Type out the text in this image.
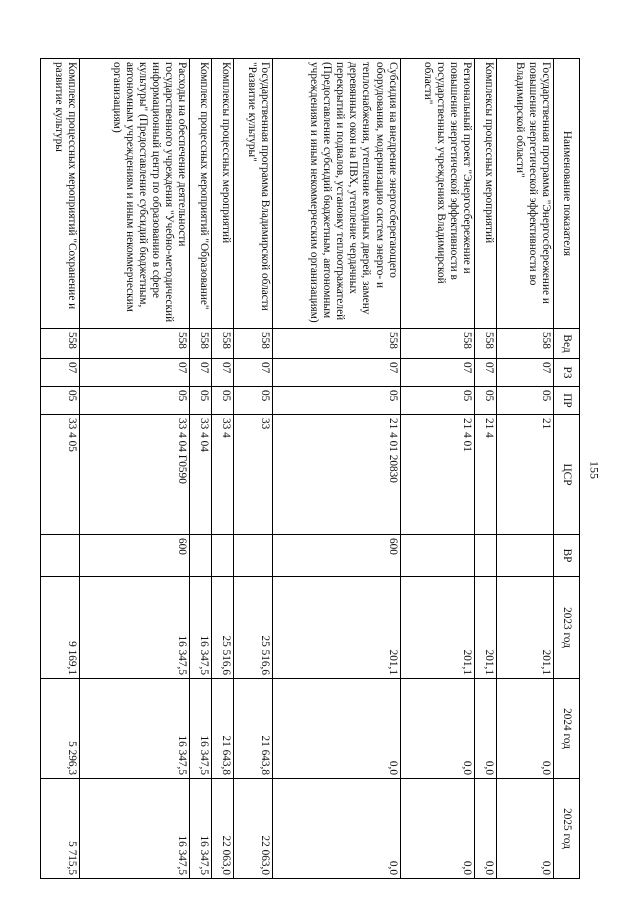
155
Наименование показателя	Вед	РЗ	ПР	ЦСР	ВР	2023 год	2024 год	2025 год
Государственная программа "Энергосбережение и повышение энергетической эффективности во Владимирской области"	558	07	05	21		201,1	0,0	0,0
Комплексы процессных мероприятий	558	07	05	21 4		201,1	0,0	0,0
Региональный проект "Энергосбережение и повышение энергетической эффективности в государственных учреждениях Владимирской области"	558	07	05	21 4 01		201,1	0,0	0,0
Субсидия на внедрение энергосберегающего оборудования, модернизацию систем энерго- и теплоснабжения, утепление входных дверей, замену деревянных окон на ПВХ, утепление чердачных перекрытий и подвалов, установку теплоотражателей (Предоставление субсидий бюджетным, автономным учреждениям и иным некоммерческим организациям)	558	07	05	21 4 01 20830	600	201,1	0,0	0,0
Государственная программа Владимирской области "Развитие культуры"	558	07	05	33		25 516,6	21 643,8	22 063,0
Комплексы процессных мероприятий	558	07	05	33 4		25 516,6	21 643,8	22 063,0
Комплекс процессных мероприятий "Образование"	558	07	05	33 4 04		16 347,5	16 347,5	16 347,5
Расходы на обеспечение деятельности государственного учреждения "Учебно-методический информационный центр по образованию в сфере культуры" (Предоставление субсидий бюджетным, автономным учреждениям и иным некоммерческим организациям)	558	07	05	33 4 04 Г0590	600	16 347,5	16 347,5	16 347,5
Комплекс процессных мероприятий "Сохранение и развитие культуры	558	07	05	33 4 05		9 169,1	5 296,3	5 715,5
